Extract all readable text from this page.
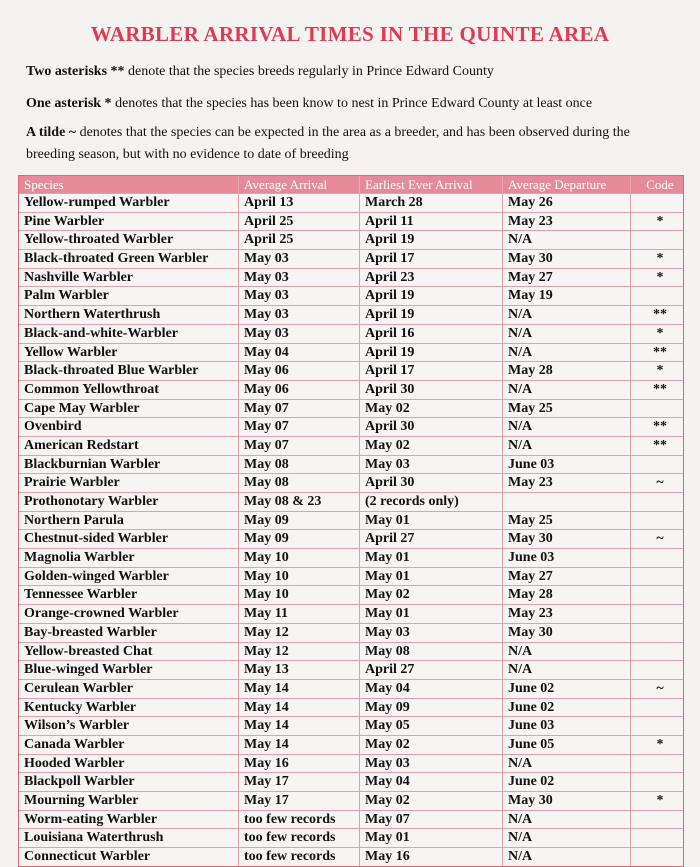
WARBLER ARRIVAL TIMES IN THE QUINTE AREA
Two asterisks ** denote that the species breeds regularly in Prince Edward County
One asterisk * denotes that the species has been know to nest in Prince Edward County at least once
A tilde ~ denotes that the species can be expected in the area as a breeder, and has been observed during the breeding season, but with no evidence to date of breeding
Species	Average Arrival	Earliest Ever Arrival	Average Departure	Code
Yellow-rumped Warbler	April 13	March 28	May 26
Pine Warbler	April 25	April 11	May 23	*
Yellow-throated Warbler	April 25	April 19	N/A
Black-throated Green Warbler	May 03	April 17	May 30	*
Nashville Warbler	May 03	April 23	May 27	*
Palm Warbler	May 03	April 19	May 19
Northern Waterthrush	May 03	April 19	N/A	**
Black-and-white-Warbler	May 03	April 16	N/A	*
Yellow Warbler	May 04	April 19	N/A	**
Black-throated Blue Warbler	May 06	April 17	May 28	*
Common Yellowthroat	May 06	April 30	N/A	**
Cape May Warbler	May 07	May 02	May 25
Ovenbird	May 07	April 30	N/A	**
American Redstart	May 07	May 02	N/A	**
Blackburnian Warbler	May 08	May 03	June 03
Prairie Warbler	May 08	April 30	May 23	~
Prothonotary Warbler	May 08 & 23	(2 records only)
Northern Parula	May 09	May 01	May 25
Chestnut-sided Warbler	May 09	April 27	May 30	~
Magnolia Warbler	May 10	May 01	June 03
Golden-winged Warbler	May 10	May 01	May 27
Tennessee Warbler	May 10	May 02	May 28
Orange-crowned Warbler	May 11	May 01	May 23
Bay-breasted Warbler	May 12	May 03	May 30
Yellow-breasted Chat	May 12	May 08	N/A
Blue-winged Warbler	May 13	April 27	N/A
Cerulean Warbler	May 14	May 04	June 02	~
Kentucky Warbler	May 14	May 09	June 02
Wilson’s Warbler	May 14	May 05	June 03
Canada Warbler	May 14	May 02	June 05	*
Hooded Warbler	May 16	May 03	N/A
Blackpoll Warbler	May 17	May 04	June 02
Mourning Warbler	May 17	May 02	May 30	*
Worm-eating Warbler	too few records	May 07	N/A
Louisiana Waterthrush	too few records	May 01	N/A
Connecticut Warbler	too few records	May 16	N/A
